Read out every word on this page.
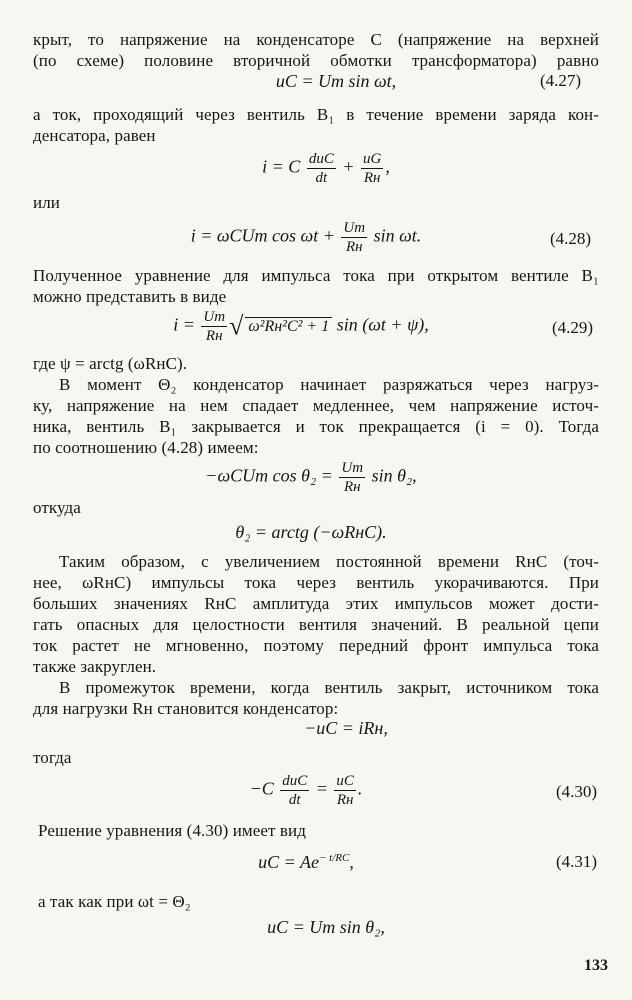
крыт, то напряжение на конденсаторе C (напряжение на верхней
(по схеме) половине вторичной обмотки трансформатора) равно
uC = Um sin ωt,	(4.27)
а ток, проходящий через вентиль B₁ в течение времени заряда кон-
денсатора, равен
i = C $\frac{\text{duC}}{dt} + \frac{uG}{Rн}$ ,
или
i = ωCUm $\cos \omega t + \frac{Um}{Rн}$ sin ωt.	(4.28)
Полученное уравнение для импульса тока при открытом вентиле B₁
можно представить в виде
$i = \frac{Um}{Rн}$ √ ω²Rн²C² + 1 sin (ωt + ψ),	(4.29)
где ψ = arctg (ωRнC).
В момент Θ₂ конденсатор начинает разряжаться через нагруз-
ку, напряжение на нем спадает медленнее, чем напряжение источ-
ника, вентиль B₁ закрывается и ток прекращается (i = 0). Тогда
по соотношению (4.28) имеем:
−ωCUm $\cos \theta_2 = \frac{Um}{Rн}$ sin θ₂,
откуда
θ₂ = arctg (−ωRнC).
Таким образом, с увеличением постоянной времени RнC (точ-
нее, ωRнC) импульсы тока через вентиль укорачиваются. При
больших значениях RнC амплитуда этих импульсов может дости-
гать опасных для целостности вентиля значений. В реальной цепи
ток растет не мгновенно, поэтому передний фронт импульса тока
также закруглен.
В промежуток времени, когда вентиль закрыт, источником тока
для нагрузки Rн становится конденсатор:
−uC = iRн,
тогда
$-C \frac{\text{duC}}{dt} = \frac{uC}{Rн}$ .	(4.30)
Решение уравнения (4.30) имеет вид
uC = $Ae^{- t/RC}$,	(4.31)
а так как при ωt = Θ₂
uC = Um sin θ₂,
133
